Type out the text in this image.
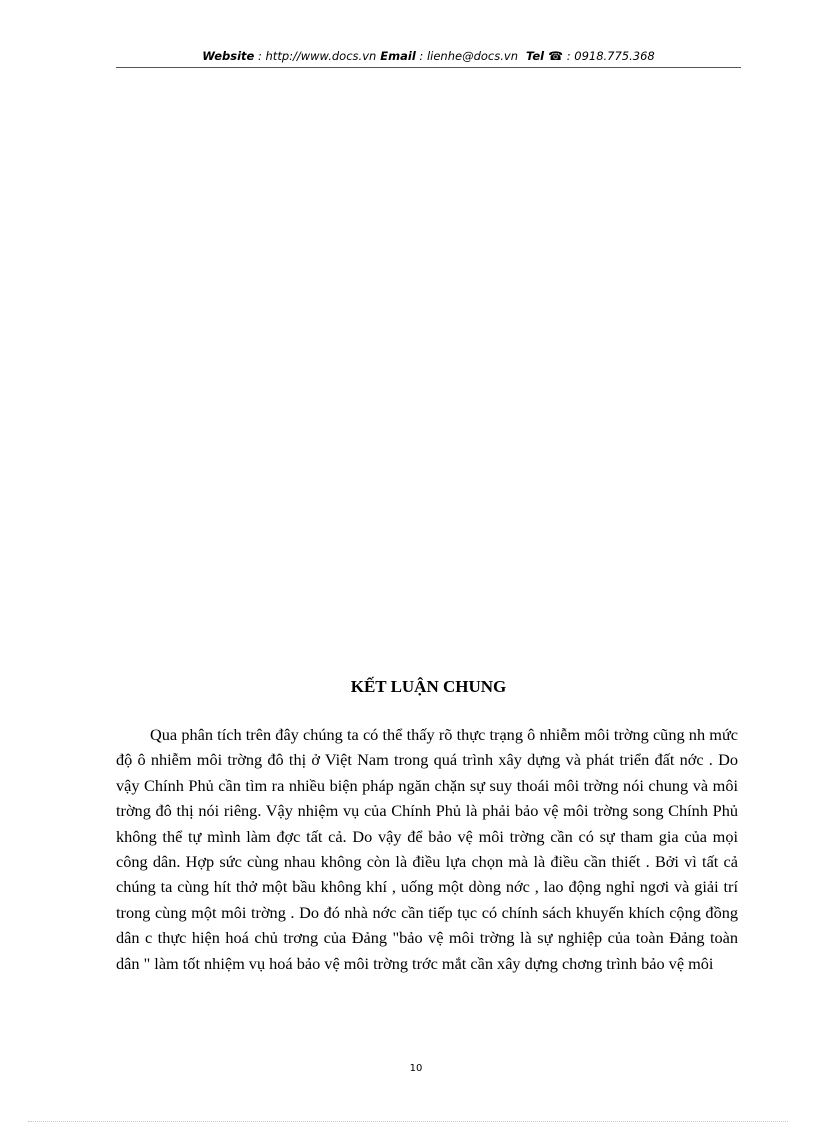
Website : http://www.docs.vn Email : lienhe@docs.vn Tel ☎ : 0918.775.368
KẾT LUẬN CHUNG

Qua phân tích trên đây chúng ta có thể thấy rõ thực trạng ô nhiễm môi trờng cũng nh mức độ ô nhiễm môi trờng đô thị ở Việt Nam trong quá trình xây dựng và phát triển đất nớc . Do vậy Chính Phủ cần tìm ra nhiều biện pháp ngăn chặn sự suy thoái môi trờng nói chung và môi trờng đô thị nói riêng. Vậy nhiệm vụ của Chính Phủ là phải bảo vệ môi trờng song Chính Phủ không thể tự mình làm đợc tất cả. Do vậy để bảo vệ môi trờng cần có sự tham gia của mọi công dân. Hợp sức cùng nhau không còn là điều lựa chọn mà là điều cần thiết . Bởi vì tất cả chúng ta cùng hít thở một bầu không khí , uống một dòng nớc , lao động nghỉ ngơi và giải trí trong cùng một môi trờng . Do đó nhà nớc cần tiếp tục có chính sách khuyến khích cộng đồng dân c thực hiện hoá chủ trơng của Đảng "bảo vệ môi trờng là sự nghiệp của toàn Đảng toàn dân " làm tốt nhiệm vụ hoá bảo vệ môi trờng trớc mắt cần xây dựng chơng trình bảo vệ môi

10
